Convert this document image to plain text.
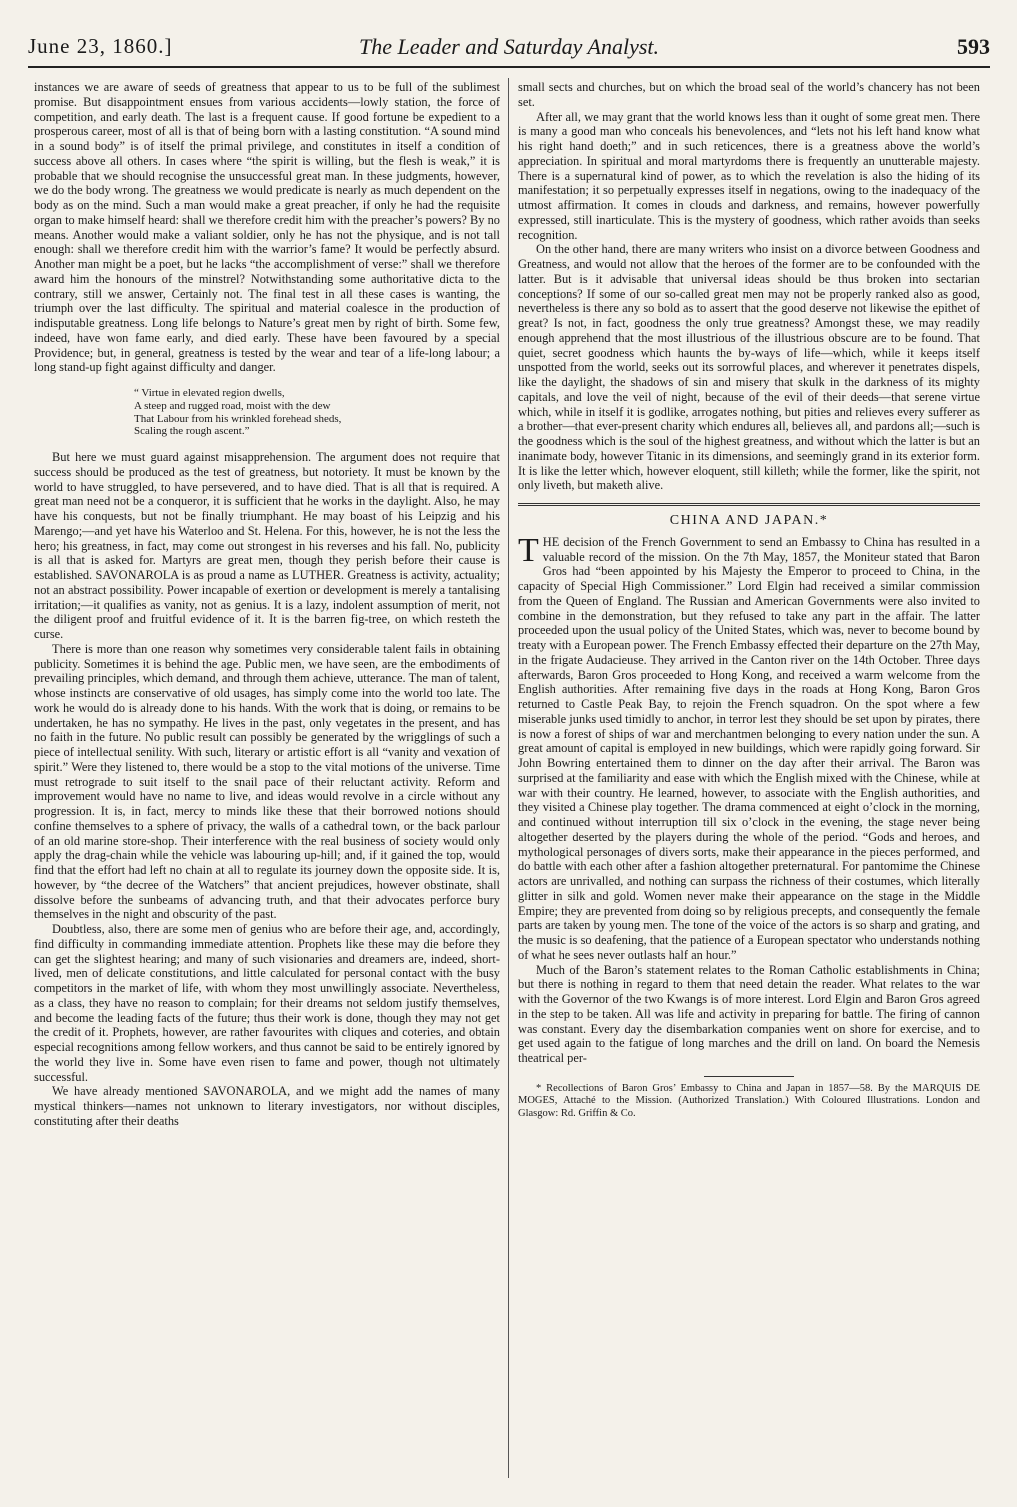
June 23, 1860.]	The Leader and Saturday Analyst.	593

instances we are aware of seeds of greatness that appear to us to be full of the sublimest promise. But disappointment ensues from various accidents—lowly station, the force of competition, and early death. The last is a frequent cause. If good fortune be expedient to a prosperous career, most of all is that of being born with a lasting constitution. “A sound mind in a sound body” is of itself the primal privilege, and constitutes in itself a condition of success above all others. In cases where “the spirit is willing, but the flesh is weak,” it is probable that we should recognise the unsuccessful great man. In these judgments, however, we do the body wrong. The greatness we would predicate is nearly as much dependent on the body as on the mind. Such a man would make a great preacher, if only he had the requisite organ to make himself heard: shall we therefore credit him with the preacher’s powers? By no means. Another would make a valiant soldier, only he has not the physique, and is not tall enough: shall we therefore credit him with the warrior’s fame? It would be perfectly absurd. Another man might be a poet, but he lacks “the accomplishment of verse:” shall we therefore award him the honours of the minstrel? Notwithstanding some authoritative dicta to the contrary, still we answer, Certainly not. The final test in all these cases is wanting, the triumph over the last difficulty. The spiritual and material coalesce in the production of indisputable greatness. Long life belongs to Nature’s great men by right of birth. Some few, indeed, have won fame early, and died early. These have been favoured by a special Providence; but, in general, greatness is tested by the wear and tear of a life-long labour; a long stand-up fight against difficulty and danger.

“ Virtue in elevated region dwells,
A steep and rugged road, moist with the dew
That Labour from his wrinkled forehead sheds,
Scaling the rough ascent.”

But here we must guard against misapprehension. The argument does not require that success should be produced as the test of greatness, but notoriety. It must be known by the world to have struggled, to have persevered, and to have died. That is all that is required. A great man need not be a conqueror, it is sufficient that he works in the daylight. Also, he may have his conquests, but not be finally triumphant. He may boast of his Leipzig and his Marengo;—and yet have his Waterloo and St. Helena. For this, however, he is not the less the hero; his greatness, in fact, may come out strongest in his reverses and his fall. No, publicity is all that is asked for. Martyrs are great men, though they perish before their cause is established. SAVONAROLA is as proud a name as LUTHER. Greatness is activity, actuality; not an abstract possibility. Power incapable of exertion or development is merely a tantalising irritation;—it qualifies as vanity, not as genius. It is a lazy, indolent assumption of merit, not the diligent proof and fruitful evidence of it. It is the barren fig-tree, on which resteth the curse.

There is more than one reason why sometimes very considerable talent fails in obtaining publicity. Sometimes it is behind the age. Public men, we have seen, are the embodiments of prevailing principles, which demand, and through them achieve, utterance. The man of talent, whose instincts are conservative of old usages, has simply come into the world too late. The work he would do is already done to his hands. With the work that is doing, or remains to be undertaken, he has no sympathy. He lives in the past, only vegetates in the present, and has no faith in the future. No public result can possibly be generated by the wrigglings of such a piece of intellectual senility. With such, literary or artistic effort is all “vanity and vexation of spirit.” Were they listened to, there would be a stop to the vital motions of the universe. Time must retrograde to suit itself to the snail pace of their reluctant activity. Reform and improvement would have no name to live, and ideas would revolve in a circle without any progression. It is, in fact, mercy to minds like these that their borrowed notions should confine themselves to a sphere of privacy, the walls of a cathedral town, or the back parlour of an old marine store-shop. Their interference with the real business of society would only apply the drag-chain while the vehicle was labouring up-hill; and, if it gained the top, would find that the effort had left no chain at all to regulate its journey down the opposite side. It is, however, by “the decree of the Watchers” that ancient prejudices, however obstinate, shall dissolve before the sunbeams of advancing truth, and that their advocates perforce bury themselves in the night and obscurity of the past.

Doubtless, also, there are some men of genius who are before their age, and, accordingly, find difficulty in commanding immediate attention. Prophets like these may die before they can get the slightest hearing; and many of such visionaries and dreamers are, indeed, short-lived, men of delicate constitutions, and little calculated for personal contact with the busy competitors in the market of life, with whom they most unwillingly associate. Nevertheless, as a class, they have no reason to complain; for their dreams not seldom justify themselves, and become the leading facts of the future; thus their work is done, though they may not get the credit of it. Prophets, however, are rather favourites with cliques and coteries, and obtain especial recognitions among fellow workers, and thus cannot be said to be entirely ignored by the world they live in. Some have even risen to fame and power, though not ultimately successful.

We have already mentioned SAVONAROLA, and we might add the names of many mystical thinkers—names not unknown to literary investigators, nor without disciples, constituting after their deaths

small sects and churches, but on which the broad seal of the world’s chancery has not been set.

After all, we may grant that the world knows less than it ought of some great men. There is many a good man who conceals his benevolences, and “lets not his left hand know what his right hand doeth;” and in such reticences, there is a greatness above the world’s appreciation. In spiritual and moral martyrdoms there is frequently an unutterable majesty. There is a supernatural kind of power, as to which the revelation is also the hiding of its manifestation; it so perpetually expresses itself in negations, owing to the inadequacy of the utmost affirmation. It comes in clouds and darkness, and remains, however powerfully expressed, still inarticulate. This is the mystery of goodness, which rather avoids than seeks recognition.

On the other hand, there are many writers who insist on a divorce between Goodness and Greatness, and would not allow that the heroes of the former are to be confounded with the latter. But is it advisable that universal ideas should be thus broken into sectarian conceptions? If some of our so-called great men may not be properly ranked also as good, nevertheless is there any so bold as to assert that the good deserve not likewise the epithet of great? Is not, in fact, goodness the only true greatness? Amongst these, we may readily enough apprehend that the most illustrious of the illustrious obscure are to be found. That quiet, secret goodness which haunts the by-ways of life—which, while it keeps itself unspotted from the world, seeks out its sorrowful places, and wherever it penetrates dispels, like the daylight, the shadows of sin and misery that skulk in the darkness of its mighty capitals, and love the veil of night, because of the evil of their deeds—that serene virtue which, while in itself it is godlike, arrogates nothing, but pities and relieves every sufferer as a brother—that ever-present charity which endures all, believes all, and pardons all;—such is the goodness which is the soul of the highest greatness, and without which the latter is but an inanimate body, however Titanic in its dimensions, and seemingly grand in its exterior form. It is like the letter which, however eloquent, still killeth; while the former, like the spirit, not only liveth, but maketh alive.

CHINA AND JAPAN.*

THE decision of the French Government to send an Embassy to China has resulted in a valuable record of the mission. On the 7th May, 1857, the Moniteur stated that Baron Gros had “been appointed by his Majesty the Emperor to proceed to China, in the capacity of Special High Commissioner.” Lord Elgin had received a similar commission from the Queen of England. The Russian and American Governments were also invited to combine in the demonstration, but they refused to take any part in the affair. The latter proceeded upon the usual policy of the United States, which was, never to become bound by treaty with a European power. The French Embassy effected their departure on the 27th May, in the frigate Audacieuse. They arrived in the Canton river on the 14th October. Three days afterwards, Baron Gros proceeded to Hong Kong, and received a warm welcome from the English authorities. After remaining five days in the roads at Hong Kong, Baron Gros returned to Castle Peak Bay, to rejoin the French squadron. On the spot where a few miserable junks used timidly to anchor, in terror lest they should be set upon by pirates, there is now a forest of ships of war and merchantmen belonging to every nation under the sun. A great amount of capital is employed in new buildings, which were rapidly going forward. Sir John Bowring entertained them to dinner on the day after their arrival. The Baron was surprised at the familiarity and ease with which the English mixed with the Chinese, while at war with their country. He learned, however, to associate with the English authorities, and they visited a Chinese play together. The drama commenced at eight o’clock in the morning, and continued without interruption till six o’clock in the evening, the stage never being altogether deserted by the players during the whole of the period. “Gods and heroes, and mythological personages of divers sorts, make their appearance in the pieces performed, and do battle with each other after a fashion altogether preternatural. For pantomime the Chinese actors are unrivalled, and nothing can surpass the richness of their costumes, which literally glitter in silk and gold. Women never make their appearance on the stage in the Middle Empire; they are prevented from doing so by religious precepts, and consequently the female parts are taken by young men. The tone of the voice of the actors is so sharp and grating, and the music is so deafening, that the patience of a European spectator who understands nothing of what he sees never outlasts half an hour.”

Much of the Baron’s statement relates to the Roman Catholic establishments in China; but there is nothing in regard to them that need detain the reader. What relates to the war with the Governor of the two Kwangs is of more interest. Lord Elgin and Baron Gros agreed in the step to be taken. All was life and activity in preparing for battle. The firing of cannon was constant. Every day the disembarkation companies went on shore for exercise, and to get used again to the fatigue of long marches and the drill on land. On board the Nemesis theatrical per-

* Recollections of Baron Gros’ Embassy to China and Japan in 1857—58. By the MARQUIS DE MOGES, Attaché to the Mission. (Authorized Translation.) With Coloured Illustrations. London and Glasgow: Rd. Griffin & Co.
